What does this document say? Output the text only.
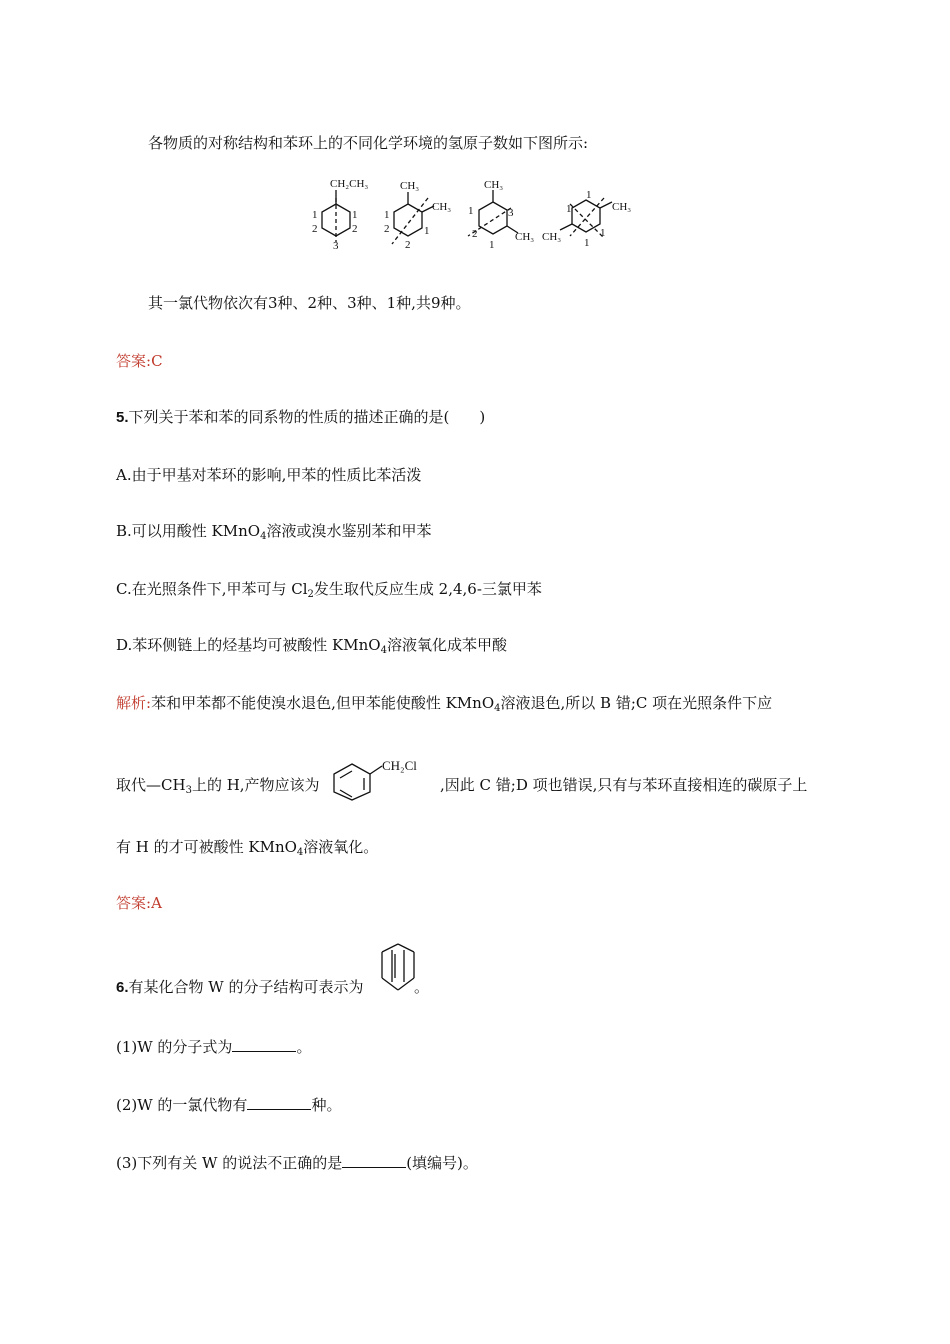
各物质的对称结构和苯环上的不同化学环境的氢原子数如下图所示:
CH₂CH₃
1
2
1
2
3
CH₃
CH₃
1
2	1
2
CH₃
CH₃
1
2
3
1
CH₃
CH₃
1
1
1
1
其一氯代物依次有3种、2种、3种、1种,共9种。
答案:C
5.下列关于苯和苯的同系物的性质的描述正确的是(　　)
A.由于甲基对苯环的影响,甲苯的性质比苯活泼
B.可以用酸性 KMnO$_4$溶液或溴水鉴别苯和甲苯
C.在光照条件下,甲苯可与 $Cl_2$发生取代反应生成 2,4,6-三氯甲苯
D.苯环侧链上的烃基均可被酸性 KMnO$_4$溶液氧化成苯甲酸
解析:苯和甲苯都不能使溴水退色,但甲苯能使酸性 KMnO$_4$溶液退色,所以 B 错;C 项在光照条件下应
取代$—CH_3$上的 H,产物应该为
CH₂Cl
,因此 C 错;D 项也错误,只有与苯环直接相连的碳原子上
有 H 的才可被酸性 KMnO$_4$溶液氧化。
答案:A
6.有某化合物 W 的分子结构可表示为	。
(1)W 的分子式为	。
(2)W 的一氯代物有	种。
(3)下列有关 W 的说法不正确的是	(填编号)。
